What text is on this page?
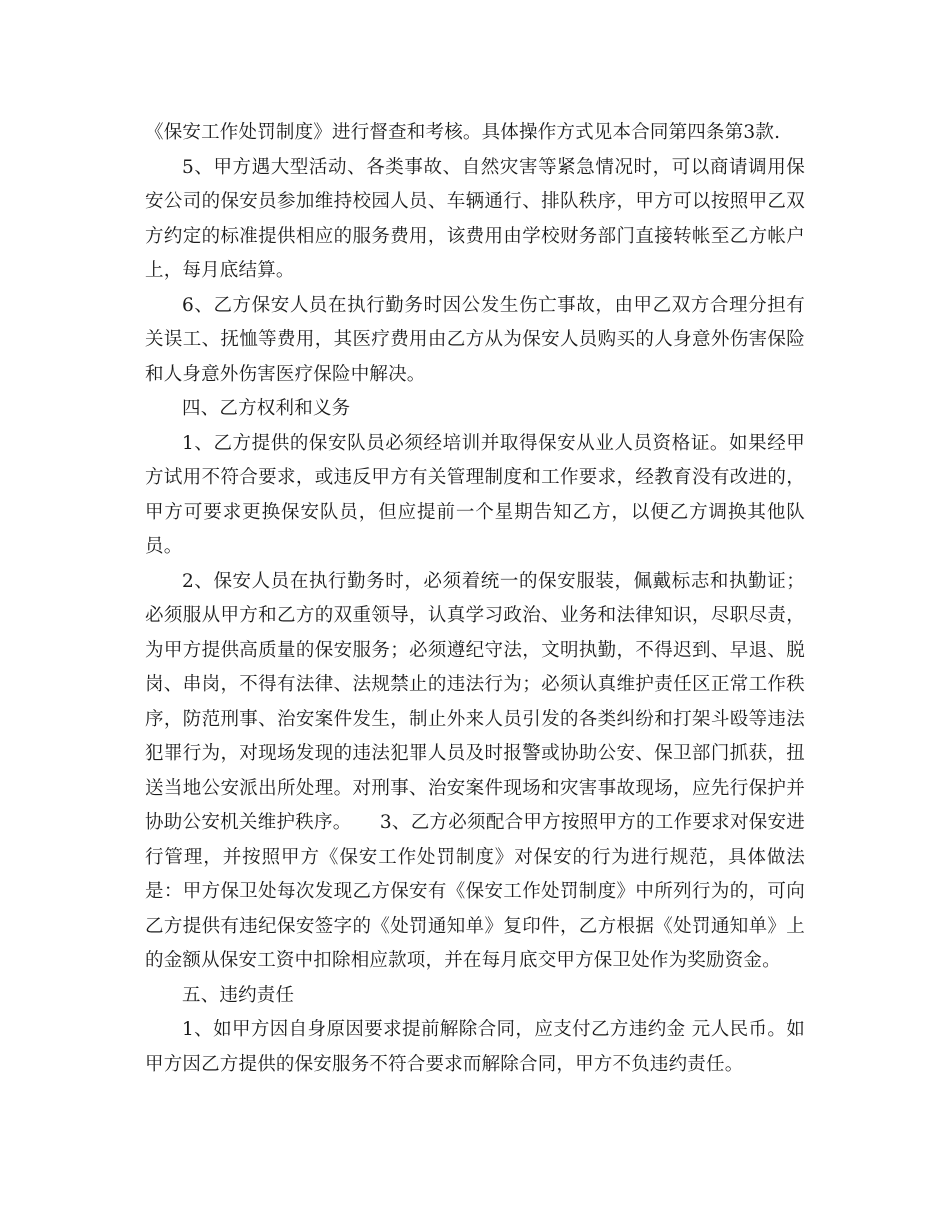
《保安工作处罚制度》进行督查和考核。具体操作方式见本合同第四条第3款.

5、甲方遇大型活动、各类事故、自然灾害等紧急情况时，可以商请调用保安公司的保安员参加维持校园人员、车辆通行、排队秩序，甲方可以按照甲乙双方约定的标准提供相应的服务费用，该费用由学校财务部门直接转帐至乙方帐户上，每月底结算。

6、乙方保安人员在执行勤务时因公发生伤亡事故，由甲乙双方合理分担有关误工、抚恤等费用，其医疗费用由乙方从为保安人员购买的人身意外伤害保险和人身意外伤害医疗保险中解决。

四、乙方权利和义务

1、乙方提供的保安队员必须经培训并取得保安从业人员资格证。如果经甲方试用不符合要求，或违反甲方有关管理制度和工作要求，经教育没有改进的，甲方可要求更换保安队员，但应提前一个星期告知乙方，以便乙方调换其他队员。

2、保安人员在执行勤务时，必须着统一的保安服装，佩戴标志和执勤证；必须服从甲方和乙方的双重领导，认真学习政治、业务和法律知识，尽职尽责，为甲方提供高质量的保安服务；必须遵纪守法，文明执勤，不得迟到、早退、脱岗、串岗，不得有法律、法规禁止的违法行为；必须认真维护责任区正常工作秩序，防范刑事、治安案件发生，制止外来人员引发的各类纠纷和打架斗殴等违法犯罪行为，对现场发现的违法犯罪人员及时报警或协助公安、保卫部门抓获，扭送当地公安派出所处理。对刑事、治安案件现场和灾害事故现场，应先行保护并协助公安机关维护秩序。　　3、乙方必须配合甲方按照甲方的工作要求对保安进行管理，并按照甲方《保安工作处罚制度》对保安的行为进行规范，具体做法是：甲方保卫处每次发现乙方保安有《保安工作处罚制度》中所列行为的，可向乙方提供有违纪保安签字的《处罚通知单》复印件，乙方根据《处罚通知单》上的金额从保安工资中扣除相应款项，并在每月底交甲方保卫处作为奖励资金。

五、违约责任

1、如甲方因自身原因要求提前解除合同，应支付乙方违约金 元人民币。如甲方因乙方提供的保安服务不符合要求而解除合同，甲方不负违约责任。
